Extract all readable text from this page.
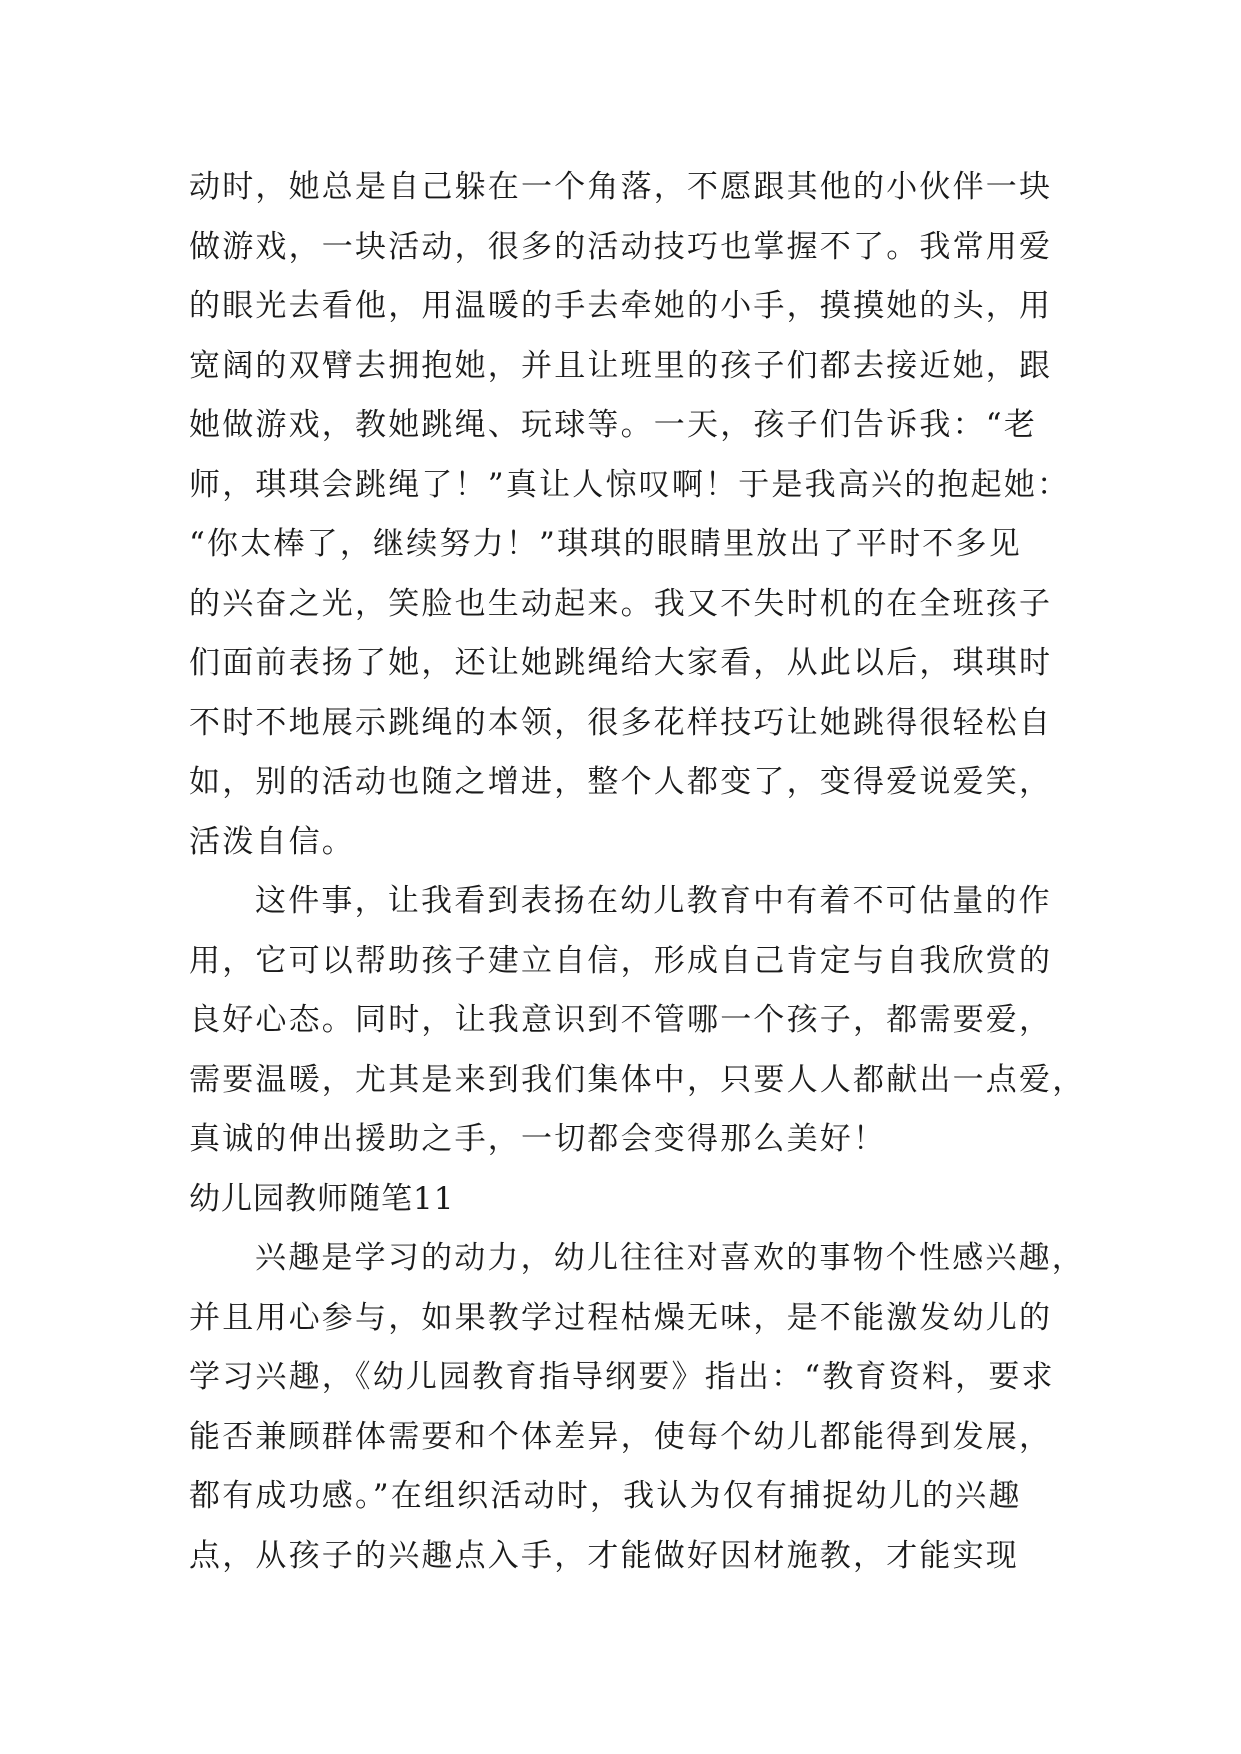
动时，她总是自己躲在一个角落，不愿跟其他的小伙伴一块
做游戏，一块活动，很多的活动技巧也掌握不了。我常用爱
的眼光去看他，用温暖的手去牵她的小手，摸摸她的头，用
宽阔的双臂去拥抱她，并且让班里的孩子们都去接近她，跟
她做游戏，教她跳绳、玩球等。一天，孩子们告诉我：“老
师，琪琪会跳绳了！”真让人惊叹啊！于是我高兴的抱起她：
“你太棒了，继续努力！”琪琪的眼睛里放出了平时不多见
的兴奋之光，笑脸也生动起来。我又不失时机的在全班孩子
们面前表扬了她，还让她跳绳给大家看，从此以后，琪琪时
不时不地展示跳绳的本领，很多花样技巧让她跳得很轻松自
如，别的活动也随之增进，整个人都变了，变得爱说爱笑，
活泼自信。
这件事，让我看到表扬在幼儿教育中有着不可估量的作
用，它可以帮助孩子建立自信，形成自己肯定与自我欣赏的
良好心态。同时，让我意识到不管哪一个孩子，都需要爱，
需要温暖，尤其是来到我们集体中，只要人人都献出一点爱，
真诚的伸出援助之手，一切都会变得那么美好！
幼儿园教师随笔11
兴趣是学习的动力，幼儿往往对喜欢的事物个性感兴趣，
并且用心参与，如果教学过程枯燥无味，是不能激发幼儿的
学习兴趣，《幼儿园教育指导纲要》指出：“教育资料，要求
能否兼顾群体需要和个体差异，使每个幼儿都能得到发展，
都有成功感。”在组织活动时，我认为仅有捕捉幼儿的兴趣
点，从孩子的兴趣点入手，才能做好因材施教，才能实现
